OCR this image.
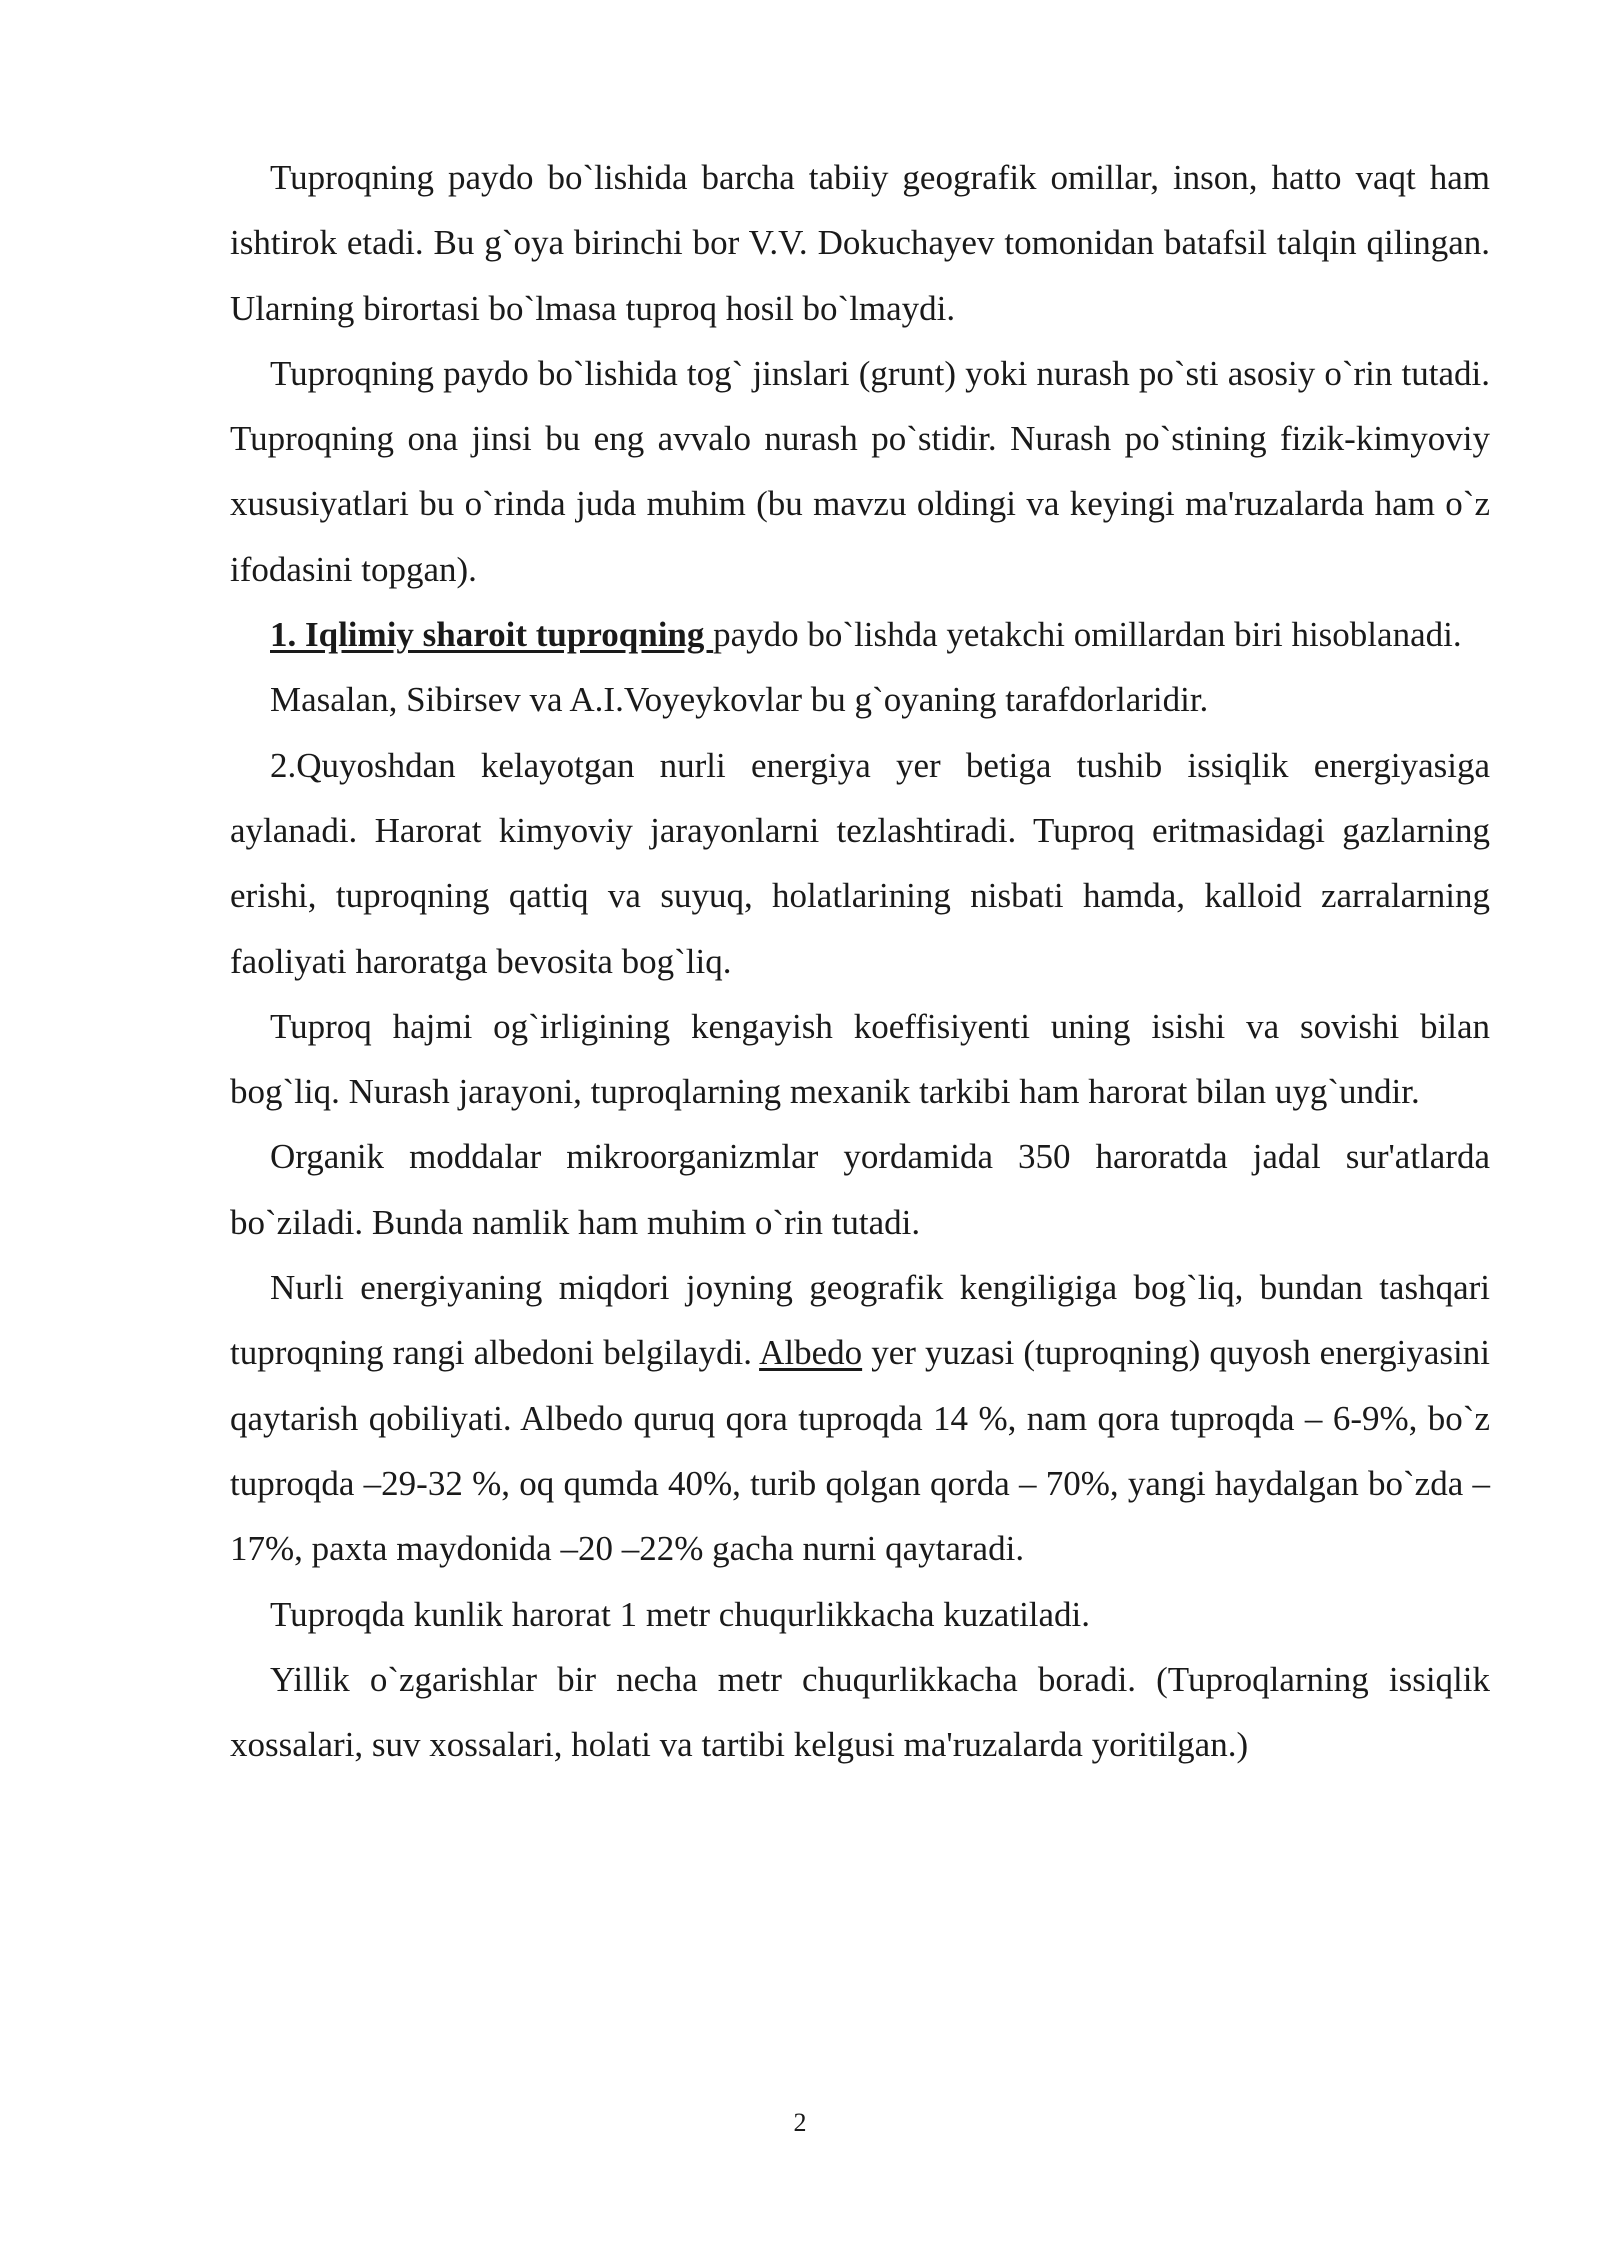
Tuproqning paydo bo`lishida barcha tabiiy geografik omillar, inson, hatto vaqt ham ishtirok etadi. Bu g`oya birinchi bor V.V. Dokuchayev tomonidan batafsil talqin qilingan. Ularning birortasi bo`lmasa tuproq hosil bo`lmaydi.

Tuproqning paydo bo`lishida tog` jinslari (grunt) yoki nurash po`sti asosiy o`rin tutadi. Tuproqning ona jinsi bu eng avvalo nurash po`stidir. Nurash po`stining fizik-kimyoviy xususiyatlari bu o`rinda juda muhim (bu mavzu oldingi va keyingi ma'ruzalarda ham o`z ifodasini topgan).

1. Iqlimiy sharoit tuproqning paydo bo`lishda yetakchi omillardan biri hisoblanadi.

Masalan, Sibirsev va A.I.Voyeykovlar bu g`oyaning tarafdorlaridir.

2.Quyoshdan kelayotgan nurli energiya yer betiga tushib issiqlik energiyasiga aylanadi. Harorat kimyoviy jarayonlarni tezlashtiradi. Tuproq eritmasidagi gazlarning erishi, tuproqning qattiq va suyuq, holatlarining nisbati hamda, kalloid zarralarning faoliyati haroratga bevosita bog`liq.

Tuproq hajmi og`irligining kengayish koeffisiyenti uning isishi va sovishi bilan bog`liq. Nurash jarayoni, tuproqlarning mexanik tarkibi ham harorat bilan uyg`undir.

Organik moddalar mikroorganizmlar yordamida 350 haroratda jadal sur'atlarda bo`ziladi. Bunda namlik ham muhim o`rin tutadi.

Nurli energiyaning miqdori joyning geografik kengiligiga bog`liq, bundan tashqari tuproqning rangi albedoni belgilaydi. Albedo yer yuzasi (tuproqning) quyosh energiyasini qaytarish qobiliyati. Albedo quruq qora tuproqda 14 %, nam qora tuproqda – 6-9%, bo`z tuproqda –29-32 %, oq qumda 40%, turib qolgan qorda – 70%, yangi haydalgan bo`zda –17%, paxta maydonida –20 –22% gacha nurni qaytaradi.

Tuproqda kunlik harorat 1 metr chuqurlikkacha kuzatiladi.

Yillik o`zgarishlar bir necha metr chuqurlikkacha boradi. (Tuproqlarning issiqlik xossalari, suv xossalari, holati va tartibi kelgusi ma'ruzalarda yoritilgan.)

2
